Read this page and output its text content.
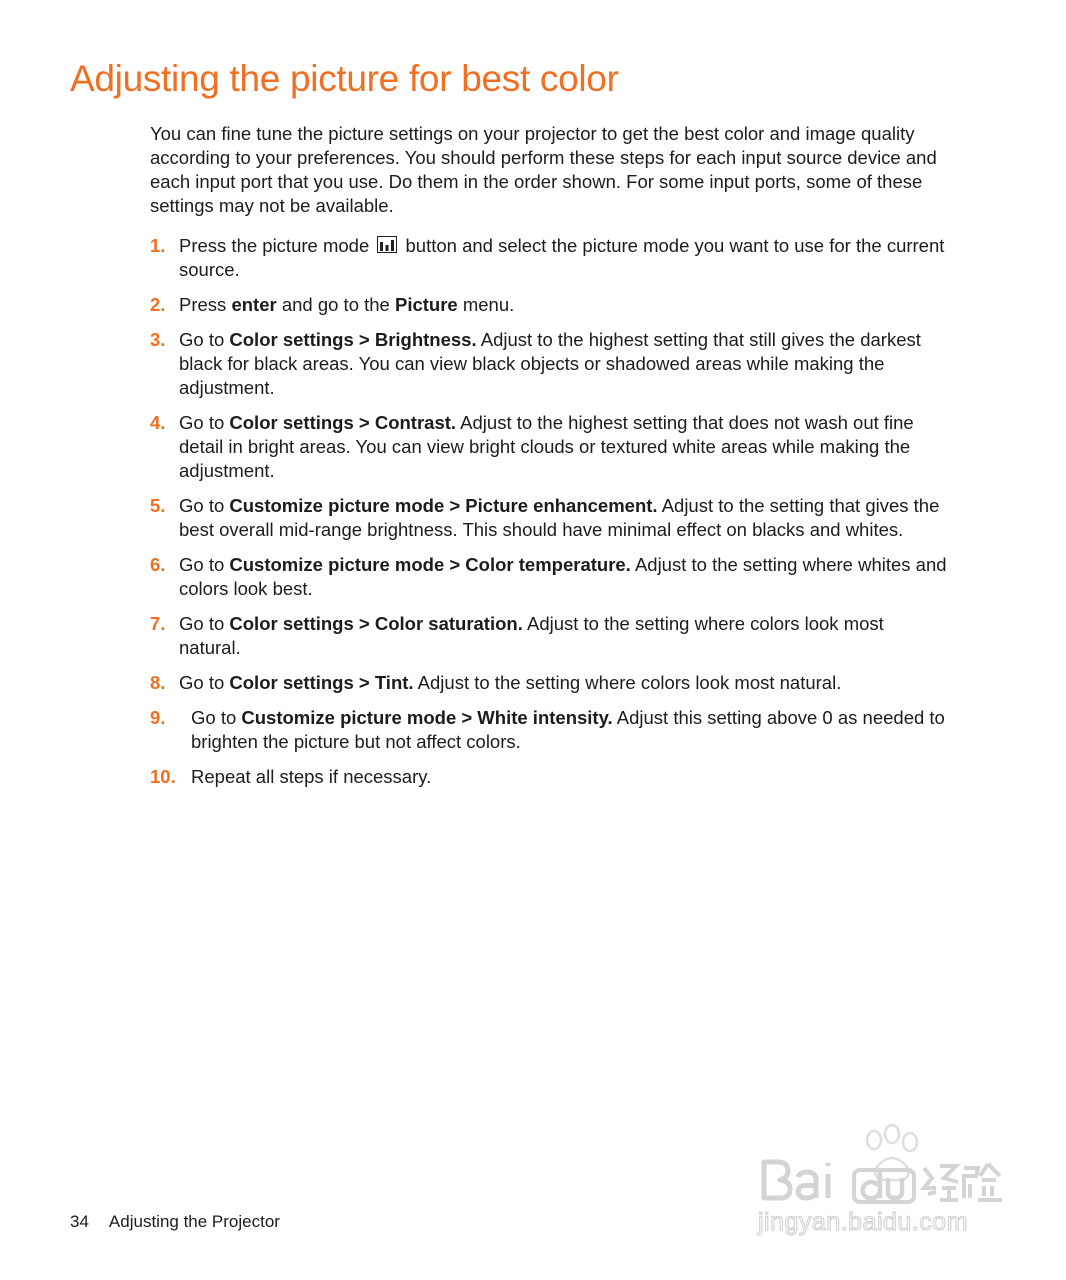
Adjusting the picture for best color

You can fine tune the picture settings on your projector to get the best color and image quality according to your preferences. You should perform these steps for each input source device and each input port that you use. Do them in the order shown. For some input ports, some of these settings may not be available.

1. Press the picture mode  button and select the picture mode you want to use for the current source.
2. Press enter and go to the Picture menu.
3. Go to Color settings > Brightness. Adjust to the highest setting that still gives the darkest black for black areas. You can view black objects or shadowed areas while making the adjustment.
4. Go to Color settings > Contrast. Adjust to the highest setting that does not wash out fine detail in bright areas. You can view bright clouds or textured white areas while making the adjustment.
5. Go to Customize picture mode > Picture enhancement. Adjust to the setting that gives the best overall mid-range brightness. This should have minimal effect on blacks and whites.
6. Go to Customize picture mode > Color temperature. Adjust to the setting where whites and colors look best.
7. Go to Color settings > Color saturation. Adjust to the setting where colors look most natural.
8. Go to Color settings > Tint. Adjust to the setting where colors look most natural.
9. Go to Customize picture mode > White intensity. Adjust this setting above 0 as needed to brighten the picture but not affect colors.
10. Repeat all steps if necessary.
34 Adjusting the Projector	jingyan.baidu.com
